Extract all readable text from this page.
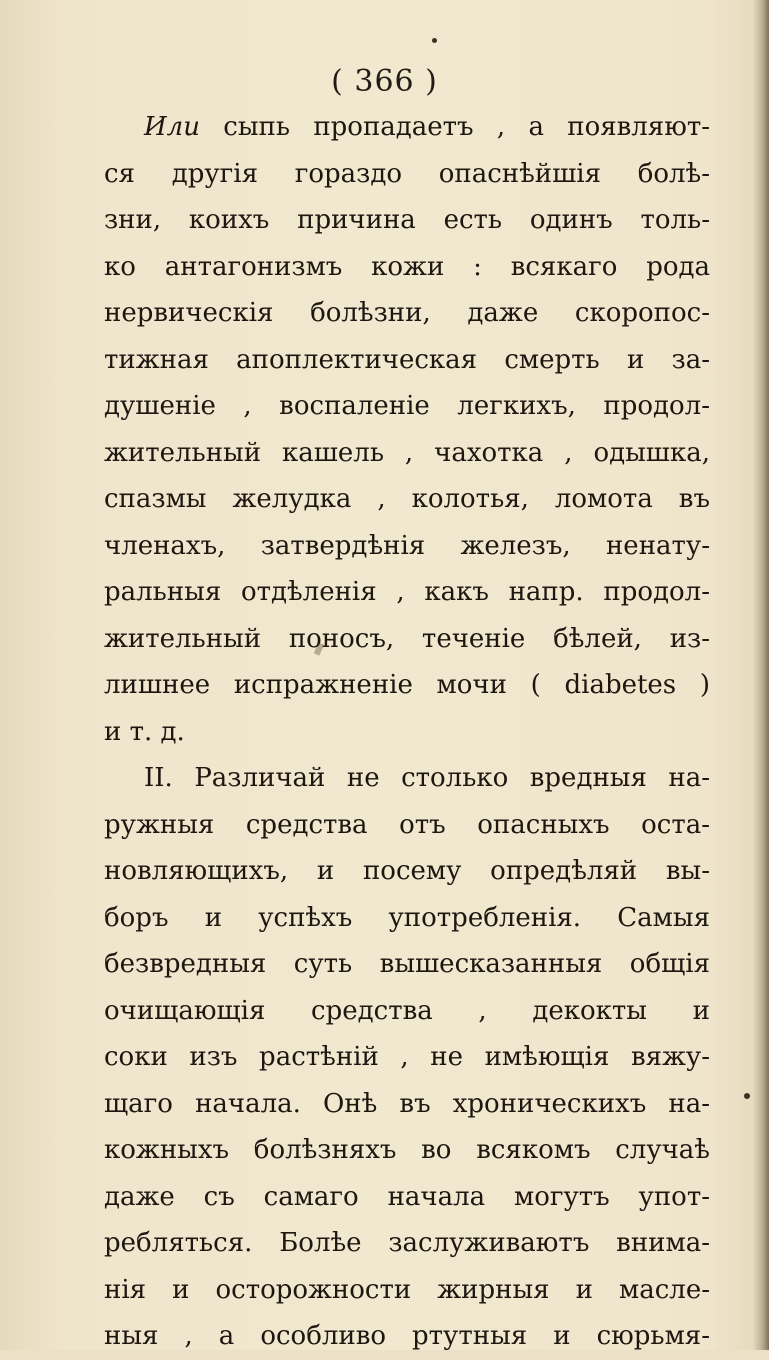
( 366 )
Или сыпь пропадаетъ , а появляют-
ся другія гораздо опаснѣйшія болѣ-
зни, коихъ причина есть одинъ толь-
ко антагонизмъ кожи : всякаго рода
нервическія болѣзни, даже скоропос-
тижная апоплектическая смерть и за-
душеніе , воспаленіе легкихъ, продол-
жительный кашель , чахотка , одышка,
спазмы желудка , колотья, ломота въ
членахъ, затвердѣнія железъ, ненату-
ральныя отдѣленія , какъ напр. продол-
жительный поносъ, теченіе бѣлей, из-
лишнее испражненіе мочи ( diabetes )
и т. д.
II. Различай не столько вредныя на-
ружныя средства отъ опасныхъ оста-
новляющихъ, и посему опредѣляй вы-
боръ и успѣхъ употребленія. Самыя
безвредныя суть вышесказанныя общія
очищающія средства , декокты и
соки изъ растѣній , не имѣющія вяжу-
щаго начала. Онѣ въ хроническихъ на-
кожныхъ болѣзняхъ во всякомъ случаѣ
даже съ самаго начала могутъ упот-
ребляться. Болѣе заслуживаютъ внима-
нія и осторожности жирныя и масле-
ныя , а особливо ртутныя и сюрьмя-
